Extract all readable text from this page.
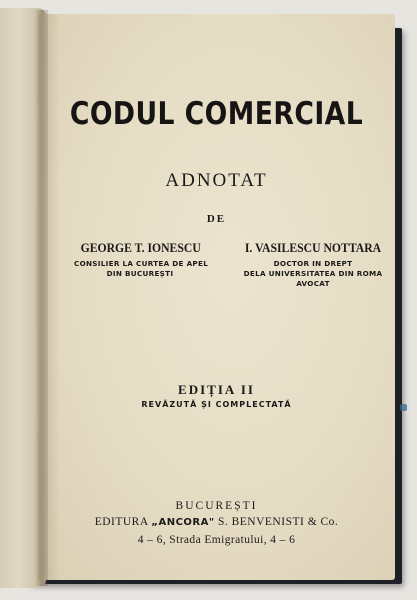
CODUL COMERCIAL
ADNOTAT
DE
GEORGE T. IONESCU
CONSILIER LA CURTEA DE APEL
DIN BUCUREȘTI
I. VASILESCU NOTTARA
DOCTOR IN DREPT
DELA UNIVERSITATEA DIN ROMA
AVOCAT
EDIȚIA II
REVĂZUTĂ ȘI COMPLECTATĂ
BUCUREȘTI
EDITURA „ANCORA" S. BENVENISTI & Co.
4 – 6, Strada Emigratului, 4 – 6
